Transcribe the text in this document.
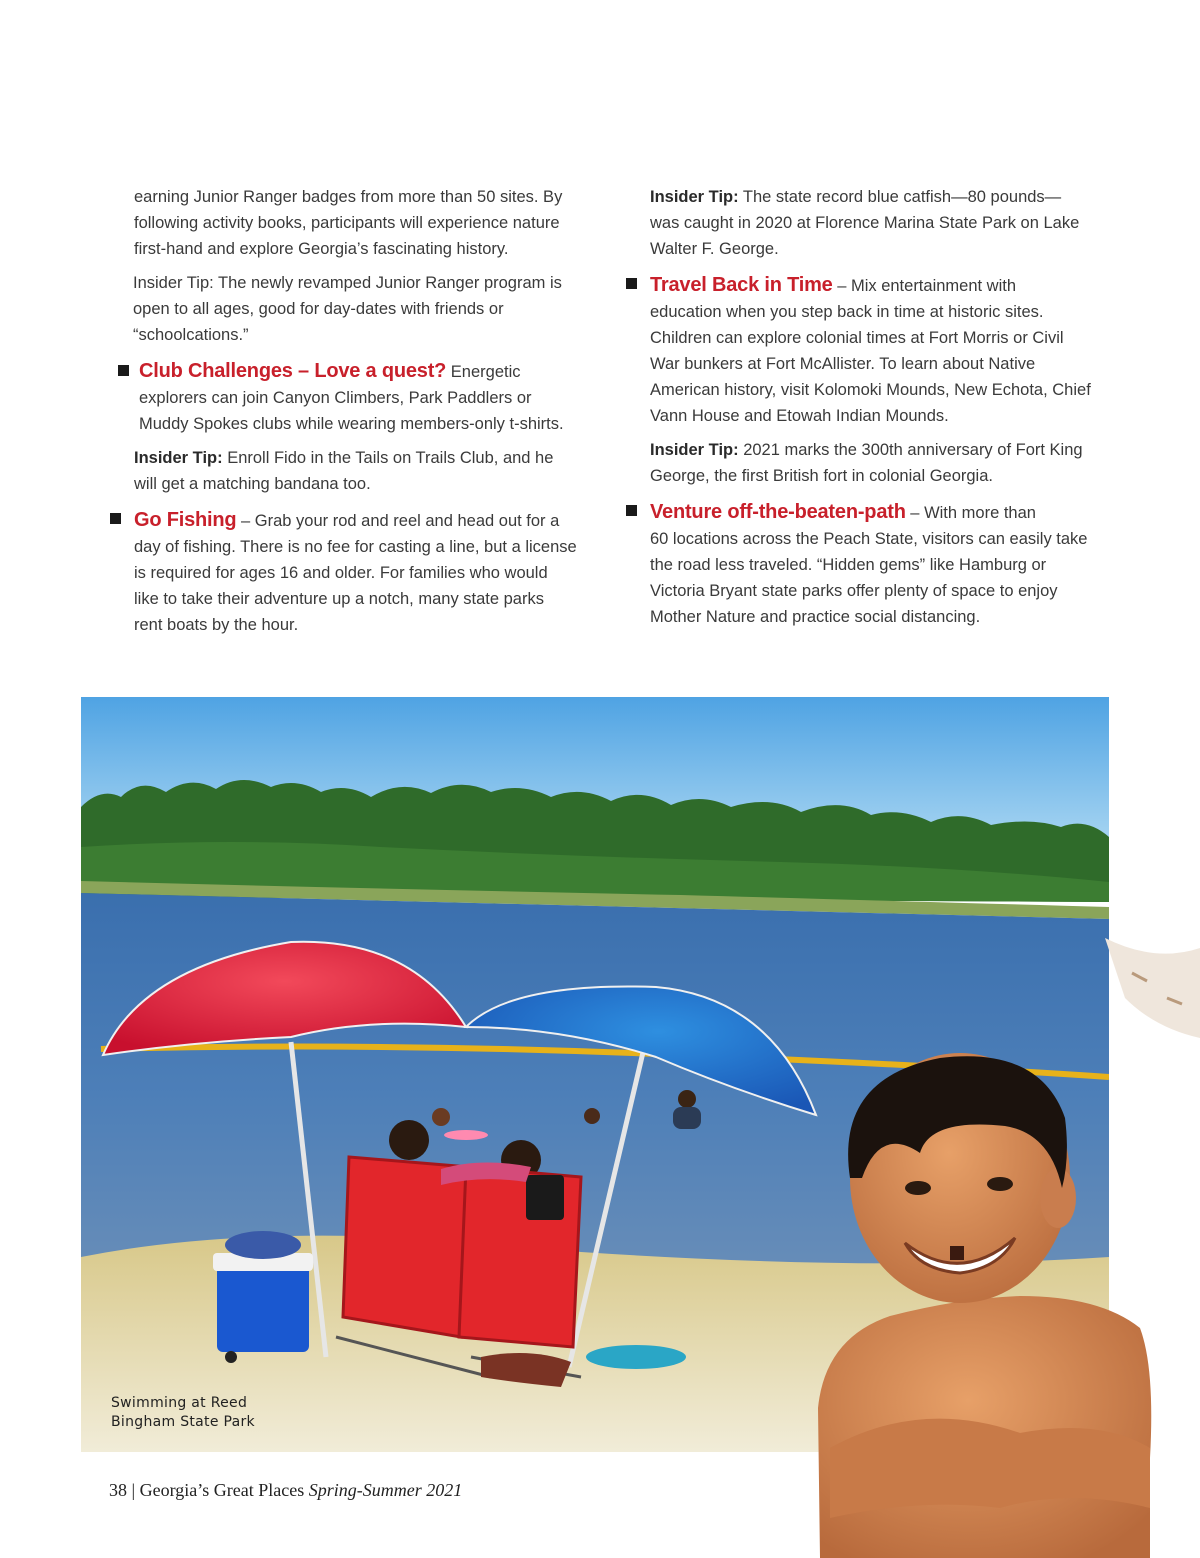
earning Junior Ranger badges from more than 50 sites. By
following activity books, participants will experience nature
first-hand and explore Georgia’s fascinating history.

Insider Tip: The newly revamped Junior Ranger program is
open to all ages, good for day-dates with friends or
“schoolcations.”

Club Challenges – Love a quest? Energetic
explorers can join Canyon Climbers, Park Paddlers or
Muddy Spokes clubs while wearing members-only t-shirts.

Insider Tip: Enroll Fido in the Tails on Trails Club, and he
will get a matching bandana too.

Go Fishing – Grab your rod and reel and head out for a
day of fishing. There is no fee for casting a line, but a license
is required for ages 16 and older. For families who would
like to take their adventure up a notch, many state parks
rent boats by the hour.

Insider Tip: The state record blue catfish—80 pounds—
was caught in 2020 at Florence Marina State Park on Lake
Walter F. George.

Travel Back in Time – Mix entertainment with
education when you step back in time at historic sites.
Children can explore colonial times at Fort Morris or Civil
War bunkers at Fort McAllister. To learn about Native
American history, visit Kolomoki Mounds, New Echota, Chief
Vann House and Etowah Indian Mounds.

Insider Tip: 2021 marks the 300th anniversary of Fort King
George, the first British fort in colonial Georgia.

Venture off-the-beaten-path – With more than
60 locations across the Peach State, visitors can easily take
the road less traveled. “Hidden gems” like Hamburg or
Victoria Bryant state parks offer plenty of space to enjoy
Mother Nature and practice social distancing.
Swimming at Reed
Bingham State Park
38 | Georgia’s Great Places Spring-Summer 2021
